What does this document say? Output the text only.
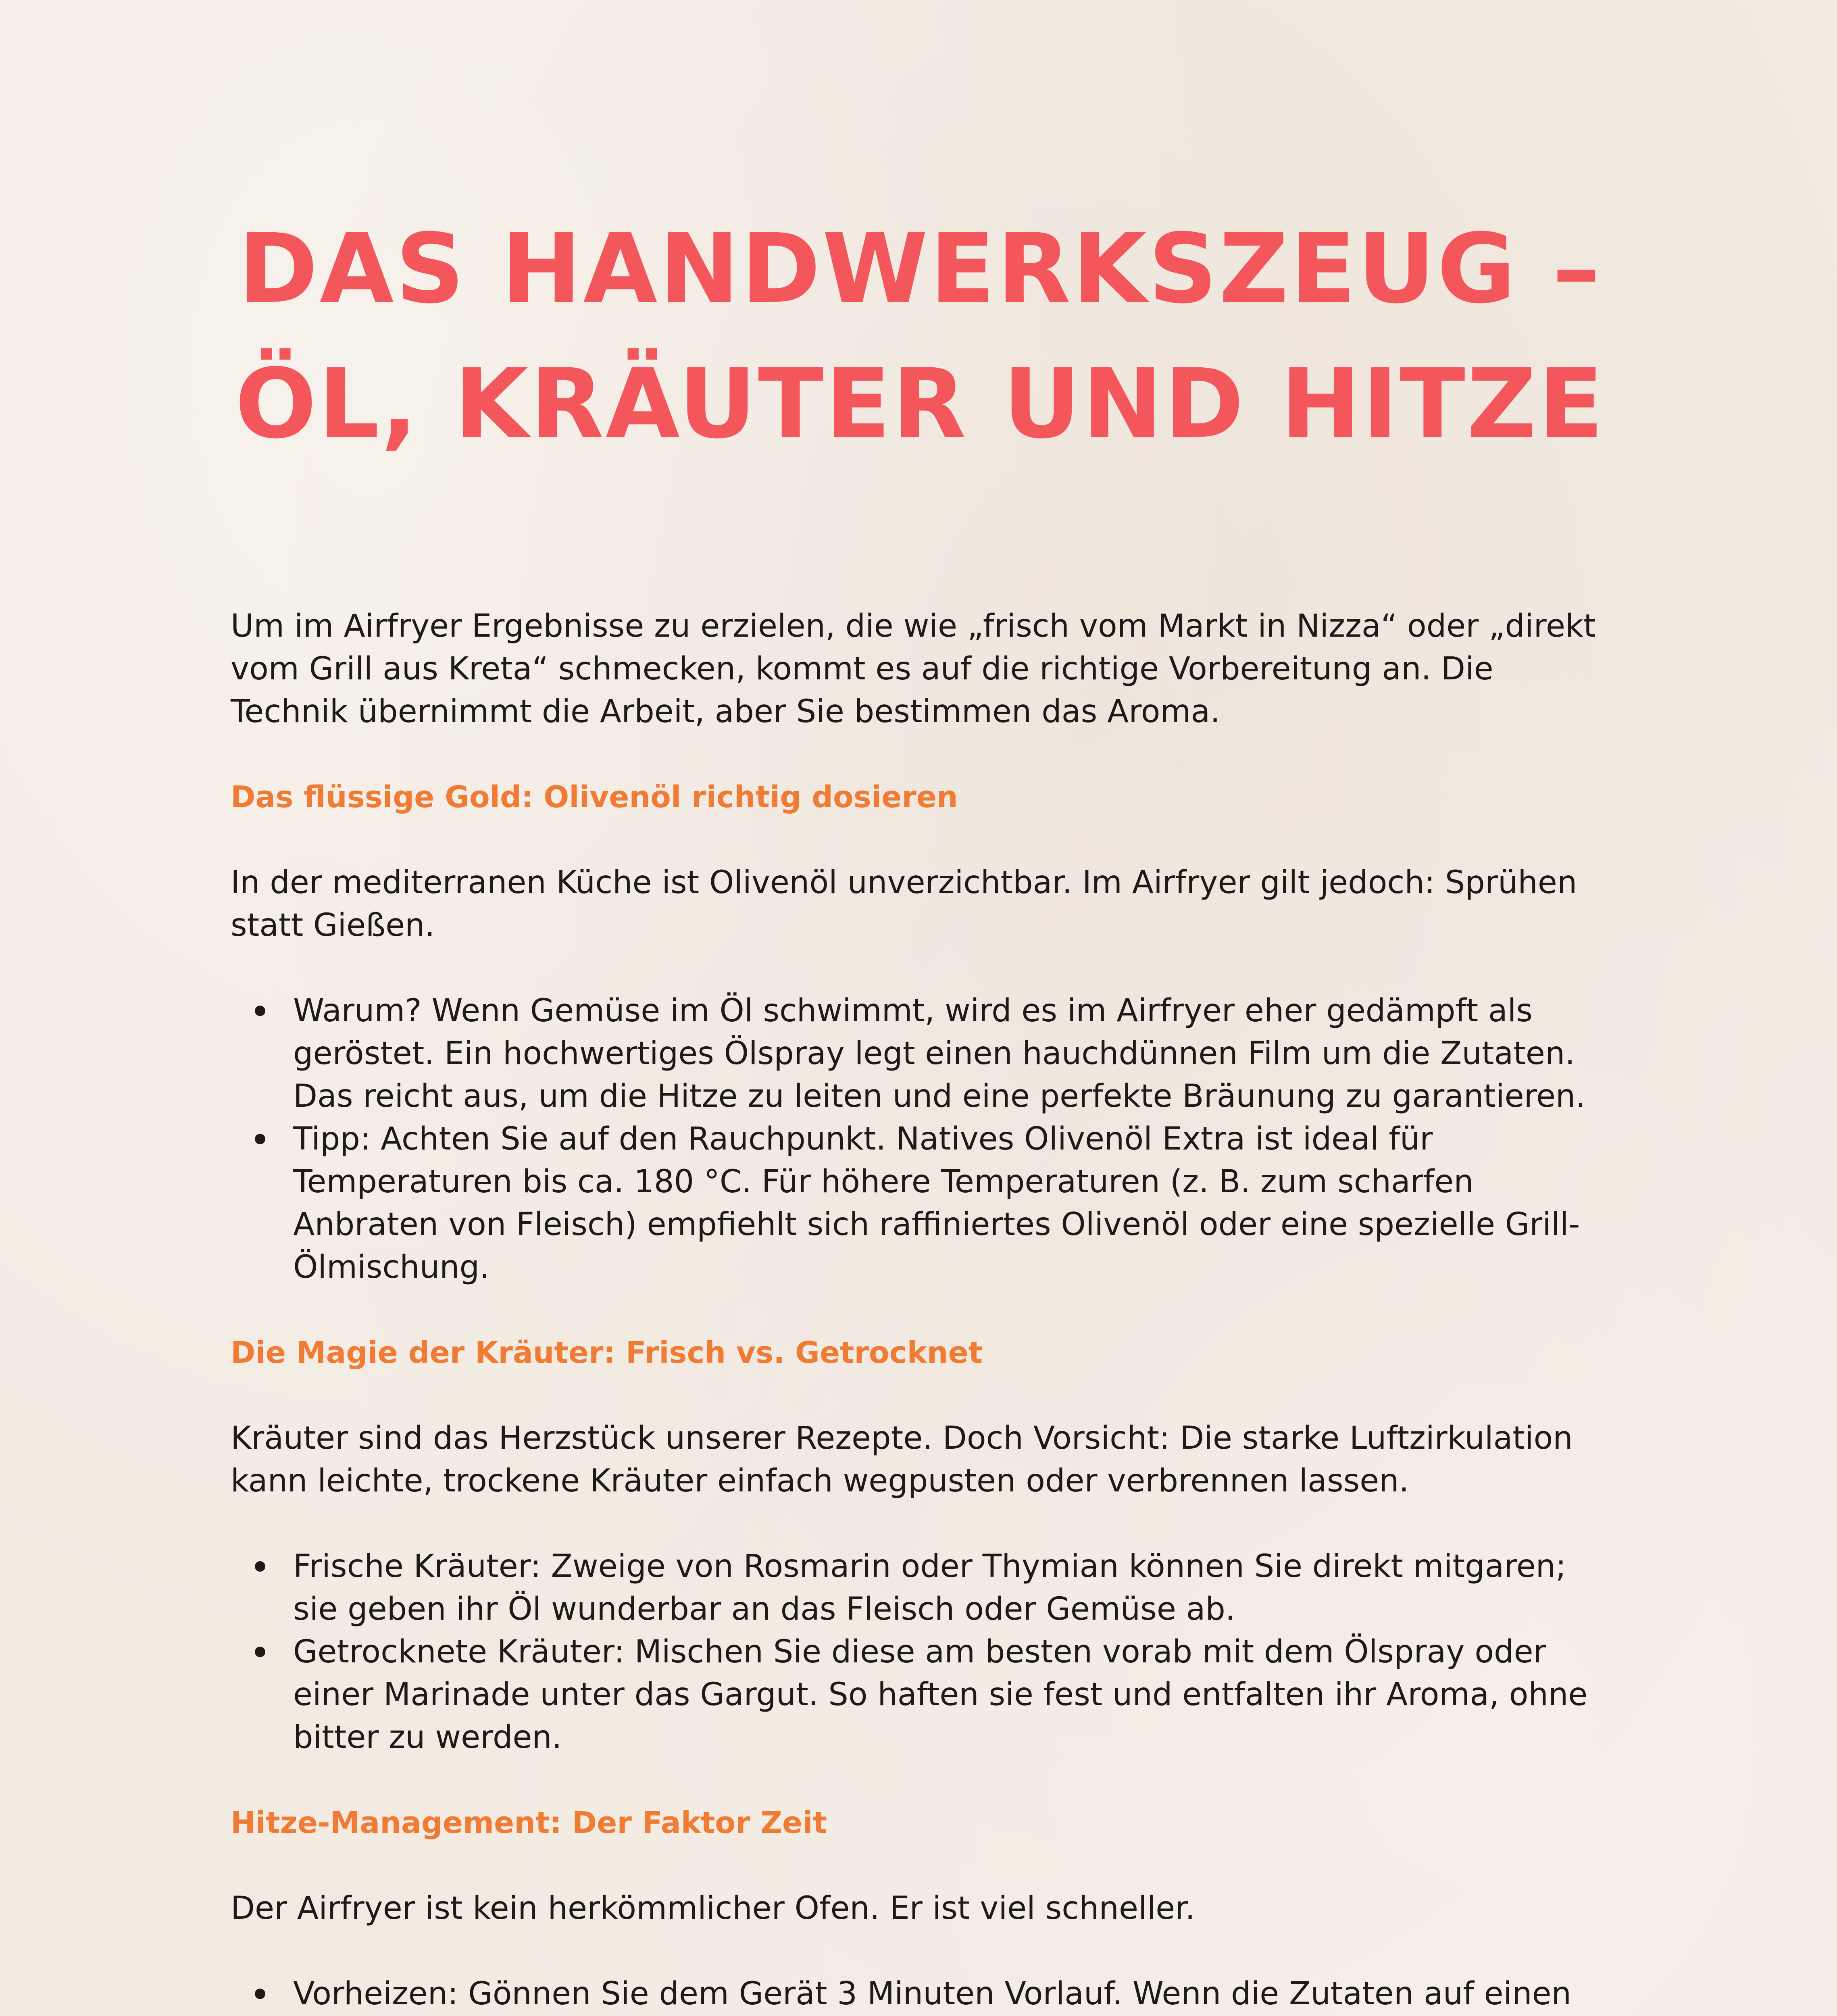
DAS HANDWERKSZEUG –
ÖL, KRÄUTER UND HITZE

Um im Airfryer Ergebnisse zu erzielen, die wie „frisch vom Markt in Nizza“ oder „direkt vom Grill aus Kreta“ schmecken, kommt es auf die richtige Vorbereitung an. Die Technik übernimmt die Arbeit, aber Sie bestimmen das Aroma.

Das flüssige Gold: Olivenöl richtig dosieren

In der mediterranen Küche ist Olivenöl unverzichtbar. Im Airfryer gilt jedoch: Sprühen statt Gießen.

Warum? Wenn Gemüse im Öl schwimmt, wird es im Airfryer eher gedämpft als geröstet. Ein hochwertiges Ölspray legt einen hauchdünnen Film um die Zutaten. Das reicht aus, um die Hitze zu leiten und eine perfekte Bräunung zu garantieren.
Tipp: Achten Sie auf den Rauchpunkt. Natives Olivenöl Extra ist ideal für Temperaturen bis ca. 180 °C. Für höhere Temperaturen (z. B. zum scharfen Anbraten von Fleisch) empfiehlt sich raffiniertes Olivenöl oder eine spezielle Grill-Ölmischung.
Die Magie der Kräuter: Frisch vs. Getrocknet

Kräuter sind das Herzstück unserer Rezepte. Doch Vorsicht: Die starke Luftzirkulation kann leichte, trockene Kräuter einfach wegpusten oder verbrennen lassen.

Frische Kräuter: Zweige von Rosmarin oder Thymian können Sie direkt mitgaren; sie geben ihr Öl wunderbar an das Fleisch oder Gemüse ab.
Getrocknete Kräuter: Mischen Sie diese am besten vorab mit dem Ölspray oder einer Marinade unter das Gargut. So haften sie fest und entfalten ihr Aroma, ohne bitter zu werden.
Hitze-Management: Der Faktor Zeit

Der Airfryer ist kein herkömmlicher Ofen. Er ist viel schneller.

Vorheizen: Gönnen Sie dem Gerät 3 Minuten Vorlauf. Wenn die Zutaten auf einen
